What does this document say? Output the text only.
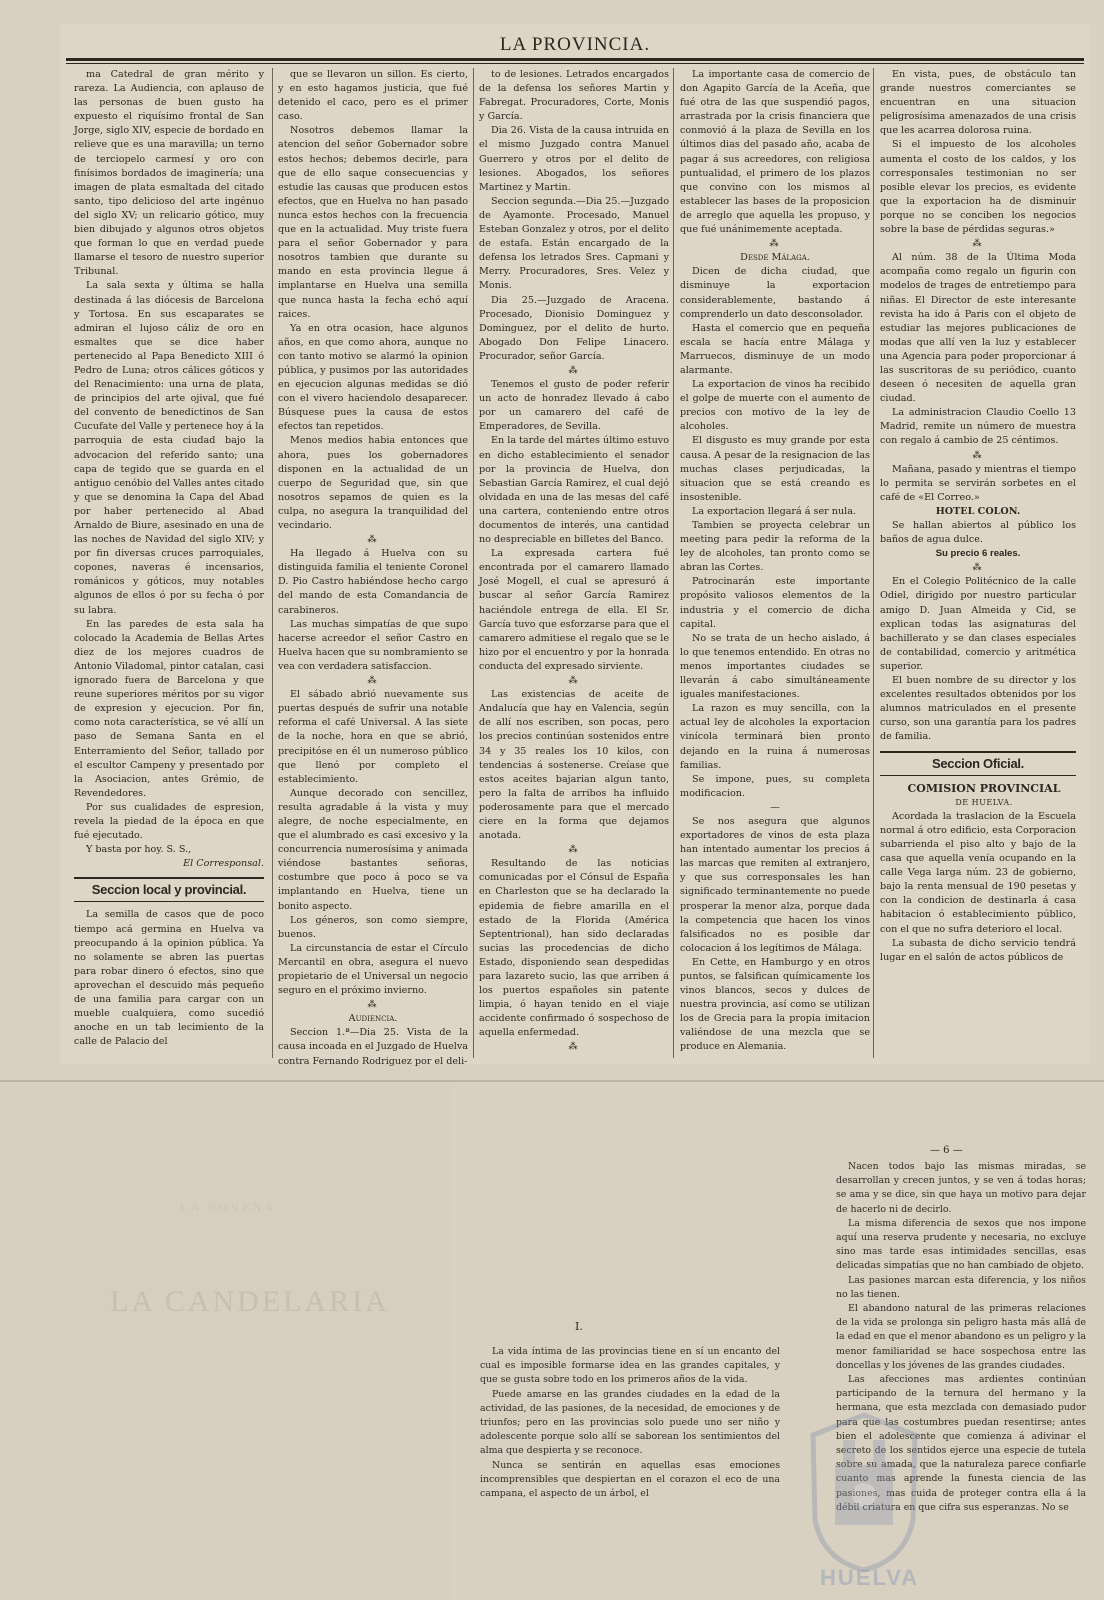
LA PROVINCIA.

ma Catedral de gran mérito y rareza. La Audiencia, con aplauso de las personas de buen gusto ha expuesto el riquísimo frontal de San Jorge, siglo XIV, especie de bordado en relieve que es una maravilla; un terno de terciopelo carmesí y oro con finísimos bordados de imaginería; una imagen de plata esmaltada del citado santo, tipo delicioso del arte ingénuo del siglo XV; un relicario gótico, muy bien dibujado y algunos otros objetos que forman lo que en verdad puede llamarse el tesoro de nuestro superior Tribunal.

La sala sexta y última se halla destinada á las diócesis de Barcelona y Tortosa. En sus escaparates se admiran el lujoso cáliz de oro en esmaltes que se dice haber pertenecido al Papa Benedicto XIII ó Pedro de Luna; otros cálices góticos y del Renacimiento: una urna de plata, de principios del arte ojival, que fué del convento de benedictinos de San Cucufate del Valle y pertenece hoy á la parroquia de esta ciudad bajo la advocacion del referido santo; una capa de tegido que se guarda en el antiguo cenóbio del Valles antes citado y que se denomina la Capa del Abad por haber pertenecido al Abad Arnaldo de Biure, asesinado en una de las noches de Navidad del siglo XIV; y por fin diversas cruces parroquiales, copones, naveras é incensarios, románicos y góticos, muy notables algunos de ellos ó por su fecha ó por su labra.

En las paredes de esta sala ha colocado la Academia de Bellas Artes diez de los mejores cuadros de Antonio Viladomal, pintor catalan, casi ignorado fuera de Barcelona y que reune superiores méritos por su vigor de expresion y ejecucion. Por fin, como nota característica, se vé allí un paso de Semana Santa en el Enterramiento del Señor, tallado por el escultor Campeny y presentado por la Asociacion, antes Grémio, de Revendedores.

Por sus cualidades de espresion, revela la piedad de la época en que fué ejecutado.

Y basta por hoy. S. S.,

El Corresponsal.

Seccion local y provincial.

La semilla de casos que de poco tiempo acá germina en Huelva va preocupando á la opinion pública. Ya no solamente se abren las puertas para robar dinero ó efectos, sino que aprovechan el descuido más pequeño de una familia para cargar con un mueble cualquiera, como sucedió anoche en un tab lecimiento de la calle de Palacio del

que se llevaron un sillon. Es cierto, y en esto hagamos justicia, que fué detenido el caco, pero es el primer caso.

Nosotros debemos llamar la atencion del señor Gobernador sobre estos hechos; debemos decirle, para que de ello saque consecuencias y estudie las causas que producen estos efectos, que en Huelva no han pasado nunca estos hechos con la frecuencia que en la actualidad. Muy triste fuera para el señor Gobernador y para nosotros tambien que durante su mando en esta provincia llegue á implantarse en Huelva una semilla que nunca hasta la fecha echó aquí raices.

Ya en otra ocasion, hace algunos años, en que como ahora, aunque no con tanto motivo se alarmó la opinion pública, y pusimos por las autoridades en ejecucion algunas medidas se dió con el vivero haciendolo desaparecer. Búsquese pues la causa de estos efectos tan repetidos.

Menos medios habia entonces que ahora, pues los gobernadores disponen en la actualidad de un cuerpo de Seguridad que, sin que nosotros sepamos de quien es la culpa, no asegura la tranquilidad del vecindario.

⁂

Ha llegado á Huelva con su distinguida familia el teniente Coronel D. Pio Castro habiéndose hecho cargo del mando de esta Comandancia de carabineros.

Las muchas simpatías de que supo hacerse acreedor el señor Castro en Huelva hacen que su nombramiento se vea con verdadera satisfaccion.

⁂

El sábado abrió nuevamente sus puertas después de sufrir una notable reforma el café Universal. A las siete de la noche, hora en que se abrió, precipitóse en él un numeroso público que llenó por completo el establecimiento.

Aunque decorado con sencillez, resulta agradable á la vista y muy alegre, de noche especialmente, en que el alumbrado es casi excesivo y la concurrencia numerosísima y animada viéndose bastantes señoras, costumbre que poco á poco se va implantando en Huelva, tiene un bonito aspecto.

Los géneros, son como siempre, buenos.

La circunstancia de estar el Círculo Mercantil en obra, asegura el nuevo propietario de el Universal un negocio seguro en el próximo invierno.

⁂

Audiencia.

Seccion 1.ª—Dia 25. Vista de la causa incoada en el Juzgado de Huelva contra Fernando Rodriguez por el deli-

to de lesiones. Letrados encargados de la defensa los señores Martin y Fabregat. Procuradores, Corte, Monis y García.

Dia 26. Vista de la causa intruida en el mismo Juzgado contra Manuel Guerrero y otros por el delito de lesiones. Abogados, los señores Martinez y Martin.

Seccion segunda.—Dia 25.—Juzgado de Ayamonte. Procesado, Manuel Esteban Gonzalez y otros, por el delito de estafa. Están encargado de la defensa los letrados Sres. Capmani y Merry. Procuradores, Sres. Velez y Monis.

Dia 25.—Juzgado de Aracena. Procesado, Dionisio Dominguez y Dominguez, por el delito de hurto. Abogado Don Felipe Linacero. Procurador, señor García.

⁂

Tenemos el gusto de poder referir un acto de honradez llevado á cabo por un camarero del café de Emperadores, de Sevilla.

En la tarde del mártes último estuvo en dicho establecimiento el senador por la provincia de Huelva, don Sebastian García Ramirez, el cual dejó olvidada en una de las mesas del café una cartera, conteniendo entre otros documentos de interés, una cantidad no despreciable en billetes del Banco.

La expresada cartera fué encontrada por el camarero llamado José Mogell, el cual se apresuró á buscar al señor García Ramirez haciéndole entrega de ella. El Sr. García tuvo que esforzarse para que el camarero admitiese el regalo que se le hizo por el encuentro y por la honrada conducta del expresado sirviente.

⁂

Las existencias de aceite de Andalucía que hay en Valencia, según de allí nos escriben, son pocas, pero los precios continúan sostenidos entre 34 y 35 reales los 10 kilos, con tendencias á sostenerse. Creíase que estos aceites bajarian algun tanto, pero la falta de arribos ha influido poderosamente para que el mercado ciere en la forma que dejamos anotada.

⁂

Resultando de las noticias comunicadas por el Cónsul de España en Charleston que se ha declarado la epidemia de fiebre amarilla en el estado de la Florida (América Septentrional), han sido declaradas sucias las procedencias de dicho Estado, disponiendo sean despedidas para lazareto sucio, las que arriben á los puertos españoles sin patente limpia, ó hayan tenido en el viaje accidente confirmado ó sospechoso de aquella enfermedad.

⁂

La importante casa de comercio de don Agapito García de la Aceña, que fué otra de las que suspendió pagos, arrastrada por la crisis financiera que conmovió á la plaza de Sevilla en los últimos dias del pasado año, acaba de pagar á sus acreedores, con religiosa puntualidad, el primero de los plazos que convino con los mismos al establecer las bases de la proposicion de arreglo que aquella les propuso, y que fué unánimemente aceptada.

⁂

Desde Málaga.

Dicen de dicha ciudad, que disminuye la exportacion considerablemente, bastando á comprenderlo un dato desconsolador.

Hasta el comercio que en pequeña escala se hacía entre Málaga y Marruecos, disminuye de un modo alarmante.

La exportacion de vinos ha recibido el golpe de muerte con el aumento de precios con motivo de la ley de alcoholes.

El disgusto es muy grande por esta causa. A pesar de la resignacion de las muchas clases perjudicadas, la situacion que se está creando es insostenible.

La exportacion llegará á ser nula.

Tambien se proyecta celebrar un meeting para pedir la reforma de la ley de alcoholes, tan pronto como se abran las Cortes.

Patrocinarán este importante propósito valiosos elementos de la industria y el comercio de dicha capital.

No se trata de un hecho aislado, á lo que tenemos entendido. En otras no menos importantes ciudades se llevarán á cabo simultáneamente iguales manifestaciones.

La razon es muy sencilla, con la actual ley de alcoholes la exportacion vinícola terminará bien pronto dejando en la ruina á numerosas familias.

Se impone, pues, su completa modificacion.

—

Se nos asegura que algunos exportadores de vinos de esta plaza han intentado aumentar los precios á las marcas que remiten al extranjero, y que sus corresponsales les han significado terminantemente no puede prosperar la menor alza, porque dada la competencia que hacen los vinos falsificados no es posible dar colocacion á los legítimos de Málaga.

En Cette, en Hamburgo y en otros puntos, se falsifican químicamente los vinos blancos, secos y dulces de nuestra provincia, así como se utilizan los de Grecia para la propia imitacion valiéndose de una mezcla que se produce en Alemania.

En vista, pues, de obstáculo tan grande nuestros comerciantes se encuentran en una situacion peligrosísima amenazados de una crisis que les acarrea dolorosa ruina.

Si el impuesto de los alcoholes aumenta el costo de los caldos, y los corresponsales testimonian no ser posible elevar los precios, es evidente que la exportacion ha de disminuir porque no se conciben los negocios sobre la base de pérdidas seguras.»

⁂

Al núm. 38 de la Última Moda acompaña como regalo un figurin con modelos de trages de entretiempo para niñas. El Director de este interesante revista ha ido á Paris con el objeto de estudiar las mejores publicaciones de modas que allí ven la luz y establecer una Agencia para poder proporcionar á las suscritoras de su periódico, cuanto deseen ó necesiten de aquella gran ciudad.

La administracion Claudio Coello 13 Madrid, remite un número de muestra con regalo á cambio de 25 céntimos.

⁂

Mañana, pasado y mientras el tiempo lo permita se servirán sorbetes en el café de «El Correo.»

HOTEL COLON.

Se hallan abiertos al público los baños de agua dulce.

Su precio 6 reales.

⁂

En el Colegio Politécnico de la calle Odiel, dirigido por nuestro particular amigo D. Juan Almeida y Cid, se explican todas las asignaturas del bachillerato y se dan clases especiales de contabilidad, comercio y aritmética superior.

El buen nombre de su director y los excelentes resultados obtenidos por los alumnos matriculados en el presente curso, son una garantía para los padres de familia.

Seccion Oficial.

COMISION PROVINCIAL

DE HUELVA.

Acordada la traslacion de la Escuela normal á otro edificio, esta Corporacion subarrienda el piso alto y bajo de la casa que aquella venía ocupando en la calle Vega larga núm. 23 de gobierno, bajo la renta mensual de 190 pesetas y con la condicion de destinarla á casa habitacion ó establecimiento público, con el que no sufra deterioro el local.

La subasta de dicho servicio tendrá lugar en el salón de actos públicos de

LA NOVENA
LA CANDELARIA
— 6 —
I.

La vida íntima de las provincias tiene en sí un encanto del cual es imposible formarse idea en las grandes capitales, y que se gusta sobre todo en los primeros años de la vida.

Puede amarse en las grandes ciudades en la edad de la actividad, de las pasiones, de la necesidad, de emociones y de triunfos; pero en las provincias solo puede uno ser niño y adolescente porque solo allí se saborean los sentimientos del alma que despierta y se reconoce.

Nunca se sentirán en aquellas esas emociones incomprensibles que despiertan en el corazon el eco de una campana, el aspecto de un árbol, el

Nacen todos bajo las mismas miradas, se desarrollan y crecen juntos, y se ven á todas horas; se ama y se dice, sin que haya un motivo para dejar de hacerlo ni de decirlo.

La misma diferencia de sexos que nos impone aquí una reserva prudente y necesaria, no excluye sino mas tarde esas intimidades sencillas, esas delicadas simpatías que no han cambiado de objeto.

Las pasiones marcan esta diferencia, y los niños no las tienen.

El abandono natural de las primeras relaciones de la vida se prolonga sin peligro hasta más allá de la edad en que el menor abandono es un peligro y la menor familiaridad se hace sospechosa entre las doncellas y los jóvenes de las grandes ciudades.

Las afecciones mas ardientes continúan participando de la ternura del hermano y la hermana, que esta mezclada con demasiado pudor para que las costumbres puedan resentirse; antes bien el adolescente que comienza á adivinar el secreto de los sentidos ejerce una especie de tutela sobre su amada, que la naturaleza parece confiarle cuanto mas aprende la funesta ciencia de las pasiones, mas cuida de proteger contra ella á la débil criatura en que cifra sus esperanzas. No se

HUELVA
